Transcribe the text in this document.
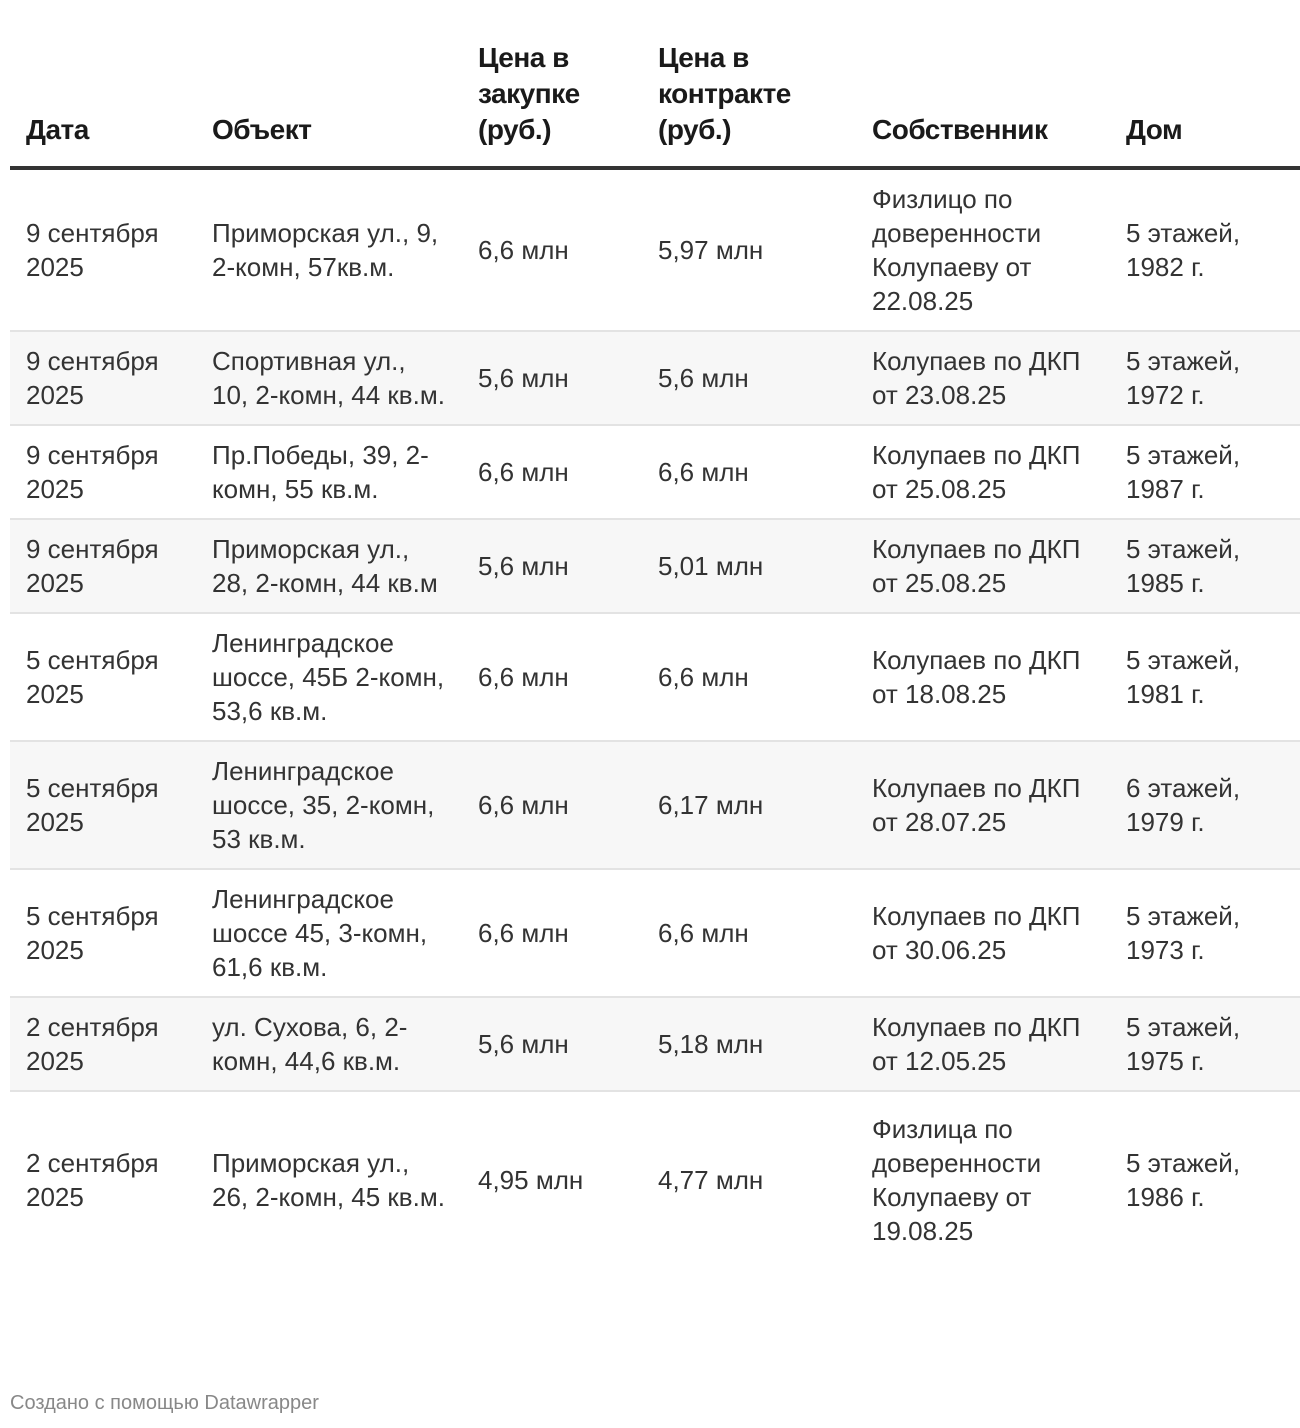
Дата	Объект	Цена в закупке (руб.)	Цена в контракте (руб.)	Собственник	Дом
9 сентября 2025	Приморская ул., 9, 2-комн, 57кв.м.	6,6 млн	5,97 млн	Физлицо по доверенности Колупаеву от 22.08.25	5 этажей, 1982 г.
9 сентября 2025	Спортивная ул., 10, 2-комн, 44 кв.м.	5,6 млн	5,6 млн	Колупаев по ДКП от 23.08.25	5 этажей, 1972 г.
9 сентября 2025	Пр.Победы, 39, 2-комн, 55 кв.м.	6,6 млн	6,6 млн	Колупаев по ДКП от 25.08.25	5 этажей, 1987 г.
9 сентября 2025	Приморская ул., 28, 2-комн, 44 кв.м	5,6 млн	5,01 млн	Колупаев по ДКП от 25.08.25	5 этажей, 1985 г.
5 сентября 2025	Ленинградское шоссе, 45Б 2-комн, 53,6 кв.м.	6,6 млн	6,6 млн	Колупаев по ДКП от 18.08.25	5 этажей, 1981 г.
5 сентября 2025	Ленинградское шоссе, 35, 2-комн, 53 кв.м.	6,6 млн	6,17 млн	Колупаев по ДКП от 28.07.25	6 этажей, 1979 г.
5 сентября 2025	Ленинградское шоссе 45, 3-комн, 61,6 кв.м.	6,6 млн	6,6 млн	Колупаев по ДКП от 30.06.25	5 этажей, 1973 г.
2 сентября 2025	ул. Сухова, 6, 2-комн, 44,6 кв.м.	5,6 млн	5,18 млн	Колупаев по ДКП от 12.05.25	5 этажей, 1975 г.
2 сентября 2025	Приморская ул., 26, 2-комн, 45 кв.м.	4,95 млн	4,77 млн	Физлица по доверенности Колупаеву от 19.08.25	5 этажей, 1986 г.
Создано с помощью Datawrapper
